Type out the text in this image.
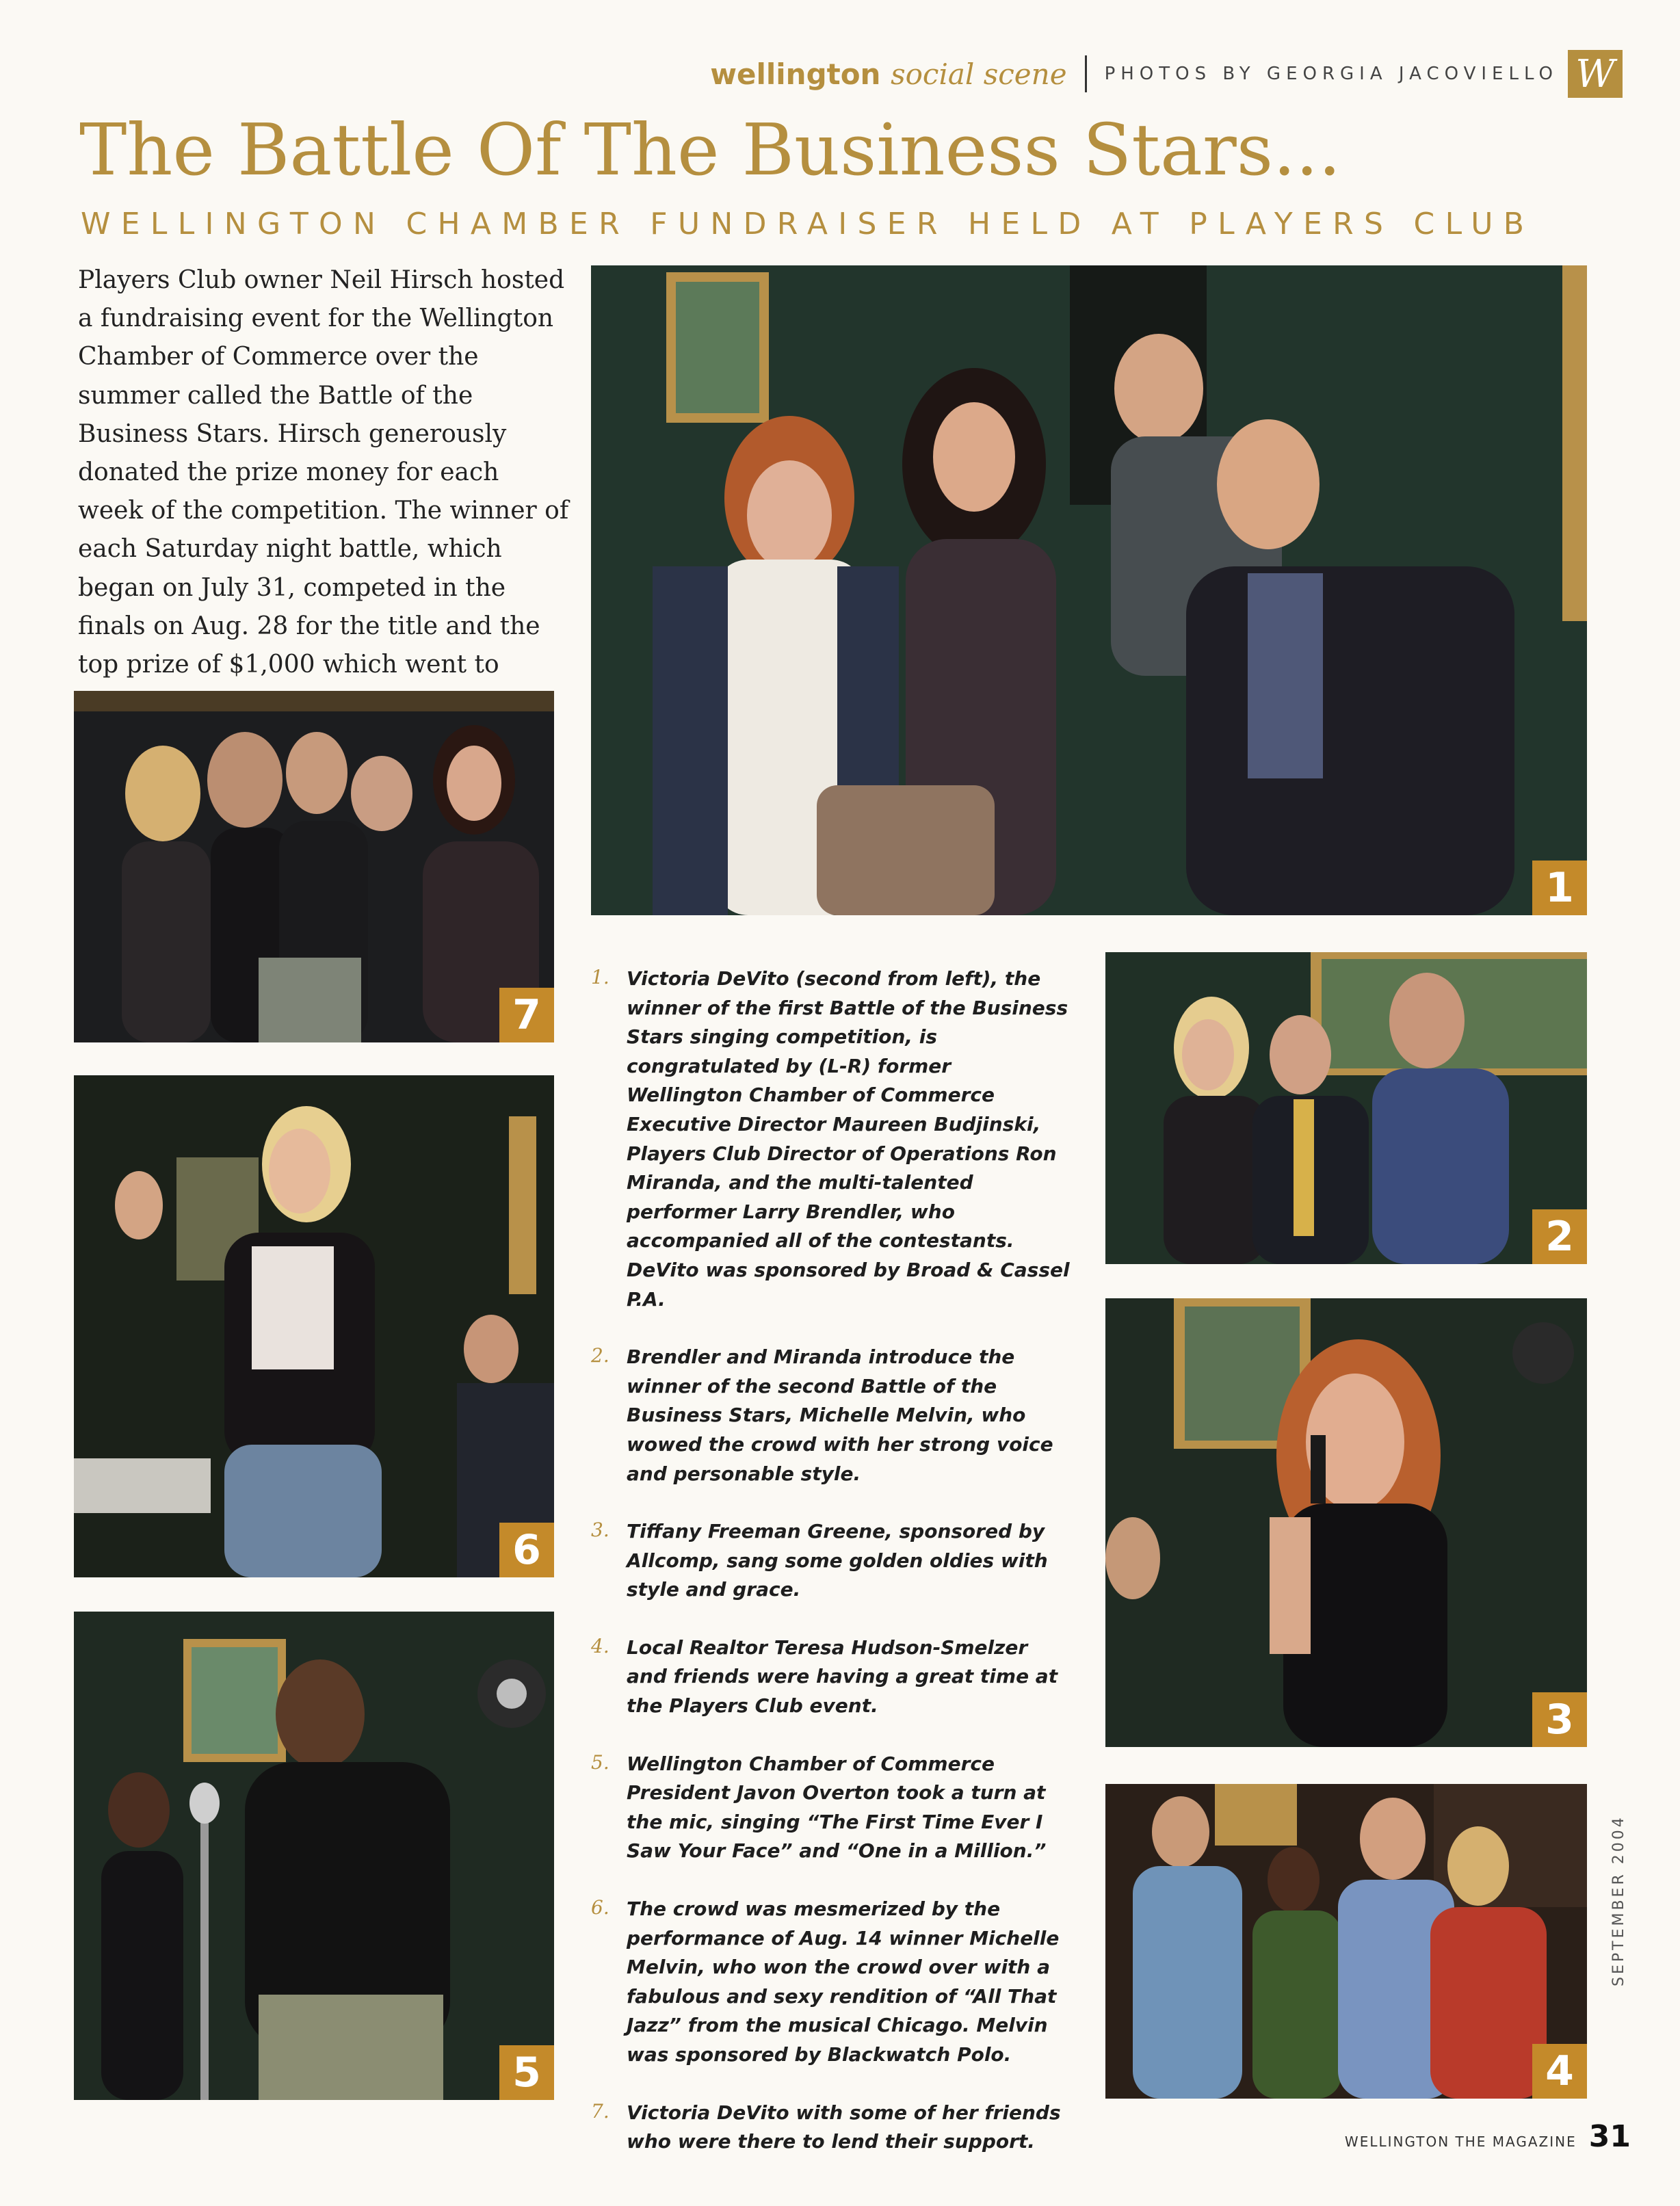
wellington social scene PHOTOS BY GEORGIA JACOVIELLO W
The Battle Of The Business Stars...
WELLINGTON CHAMBER FUNDRAISER HELD AT PLAYERS CLUB
Players Club owner Neil Hirsch hosted a fundraising event for the Wellington Chamber of Commerce over the summer called the Battle of the Business Stars. Hirsch generously donated the prize money for each week of the competition. The winner of each Saturday night battle, which began on July 31, competed in the finals on Aug. 28 for the title and the top prize of $1,000 which went to
1
7
6
5
2
3
4
1. Victoria DeVito (second from left), the winner of the first Battle of the Business Stars singing competition, is congratulated by (L-R) former Wellington Chamber of Commerce Executive Director Maureen Budjinski, Players Club Director of Operations Ron Miranda, and the multi-talented performer Larry Brendler, who accompanied all of the contestants. DeVito was sponsored by Broad & Cassel P.A.
2. Brendler and Miranda introduce the winner of the second Battle of the Business Stars, Michelle Melvin, who wowed the crowd with her strong voice and personable style.
3. Tiffany Freeman Greene, sponsored by Allcomp, sang some golden oldies with style and grace.
4. Local Realtor Teresa Hudson-Smelzer and friends were having a great time at the Players Club event.
5. Wellington Chamber of Commerce President Javon Overton took a turn at the mic, singing “The First Time Ever I Saw Your Face” and “One in a Million.”
6. The crowd was mesmerized by the performance of Aug. 14 winner Michelle Melvin, who won the crowd over with a fabulous and sexy rendition of “All That Jazz” from the musical Chicago. Melvin was sponsored by Blackwatch Polo.
7. Victoria DeVito with some of her friends who were there to lend their support.
SEPTEMBER 2004
WELLINGTON THE MAGAZINE 31
